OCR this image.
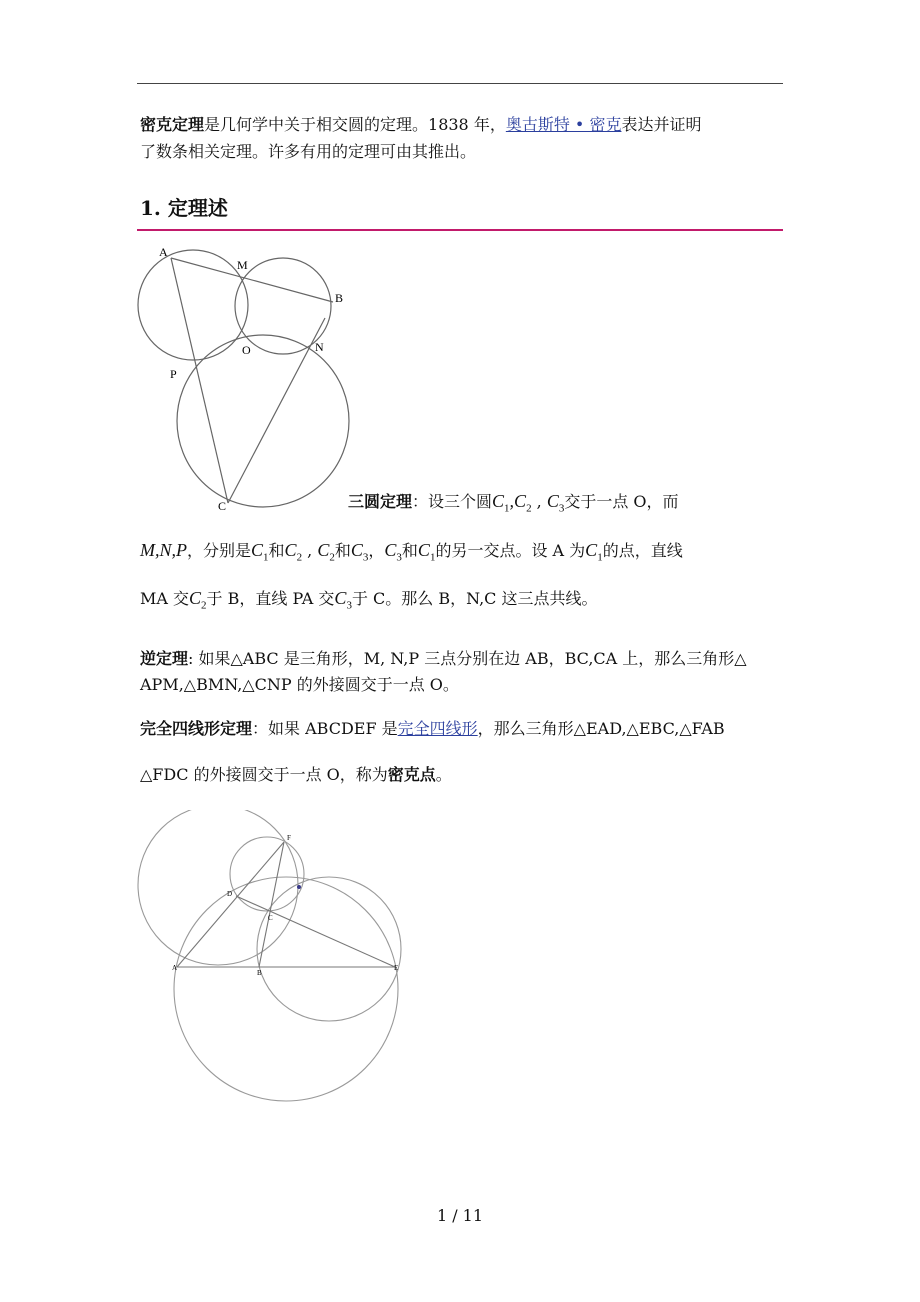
密克定理是几何学中关于相交圆的定理。1838 年，奥古斯特 • 密克表达并证明
了数条相关定理。许多有用的定理可由其推出。
1. 定理述
A
M
B
O	N
P
C	三圆定理：设三个圆$C_1,C_2$ , $C_3$交于一点 O，而
M,N,P，分别是$C_1$和$C_2$ , $C_2$和$C_3$，$C_3$和$C_1$的另一交点。设 A 为$C_1$的点，直线
MA 交$C_2$于 B，直线 PA 交$C_3$于 C。那么 B，N,C 这三点共线。
逆定理: 如果△ABC 是三角形，M, N,P 三点分别在边 AB，BC,CA 上，那么三角形△
APM,△BMN,△CNP 的外接圆交于一点 O。
完全四线形定理：如果 ABCDEF 是完全四线形，那么三角形△EAD,△EBC,△FAB
△FDC 的外接圆交于一点 O，称为密克点。
F
D
C
A
B
E
1 / 11
